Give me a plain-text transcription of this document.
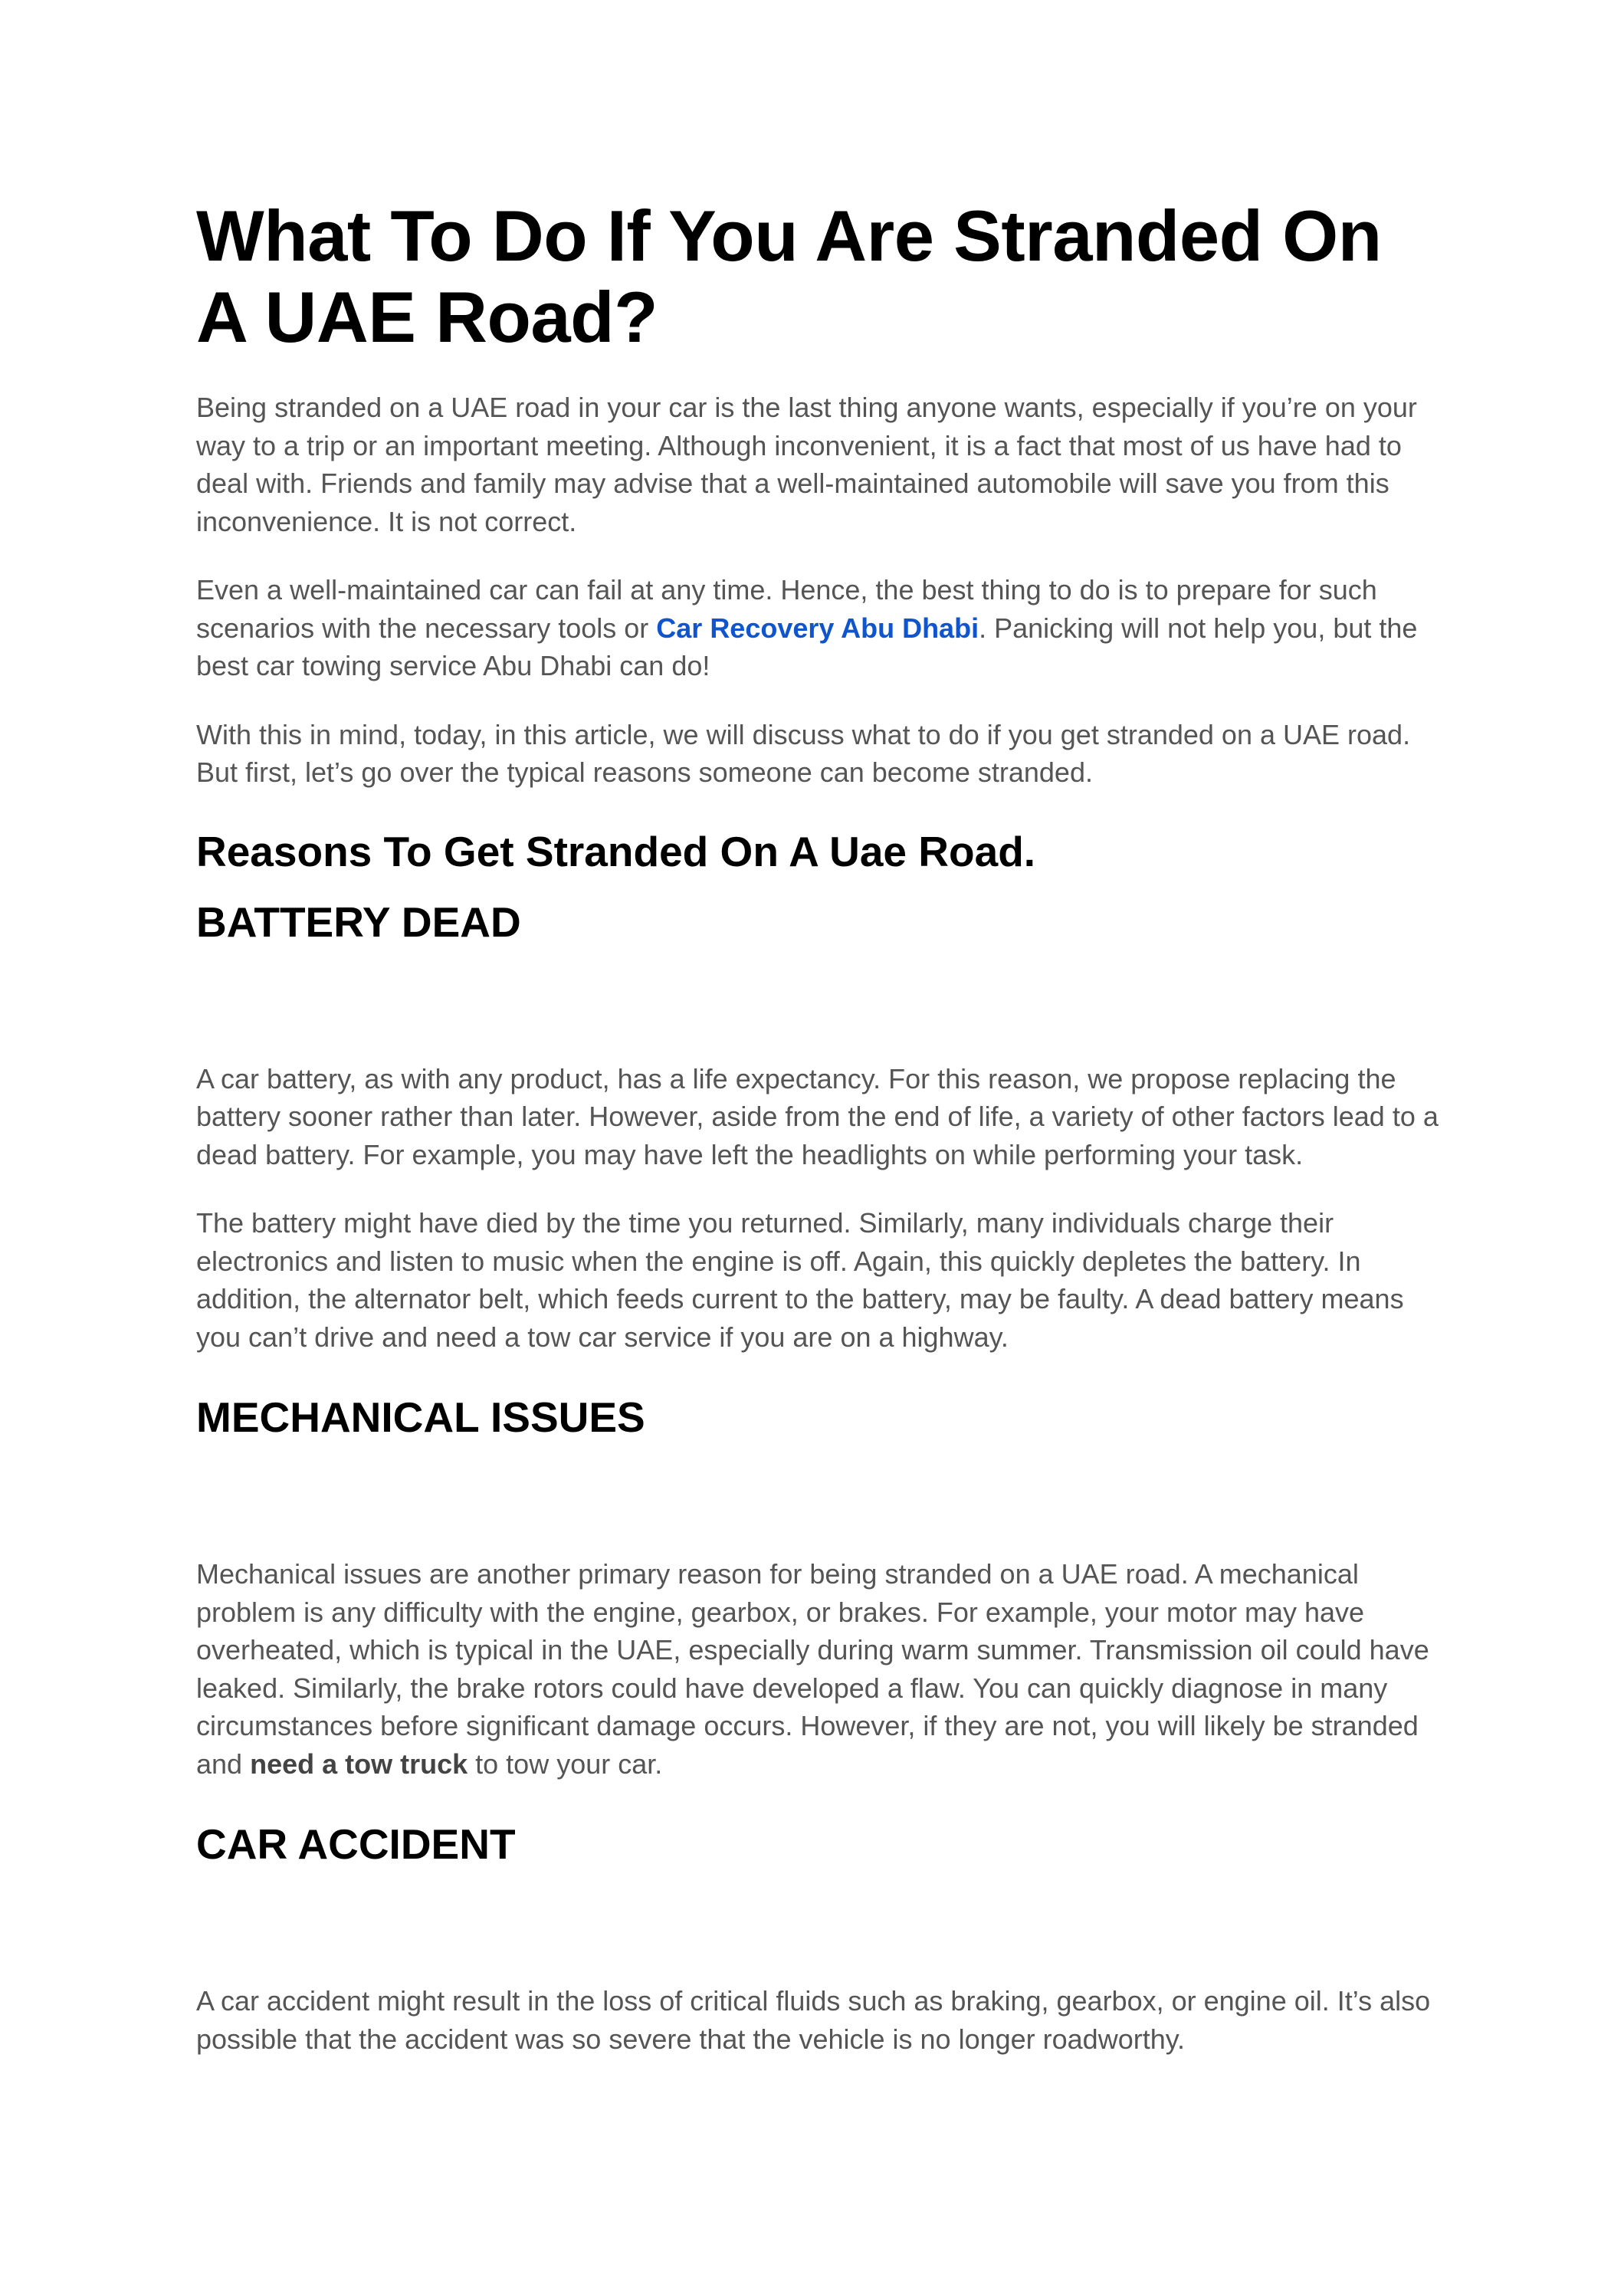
What To Do If You Are Stranded On A UAE Road?

Being stranded on a UAE road in your car is the last thing anyone wants, especially if you’re on your way to a trip or an important meeting. Although inconvenient, it is a fact that most of us have had to deal with. Friends and family may advise that a well-maintained automobile will save you from this inconvenience. It is not correct.

Even a well-maintained car can fail at any time. Hence, the best thing to do is to prepare for such scenarios with the necessary tools or Car Recovery Abu Dhabi. Panicking will not help you, but the best car towing service Abu Dhabi can do!

With this in mind, today, in this article, we will discuss what to do if you get stranded on a UAE road. But first, let’s go over the typical reasons someone can become stranded.

Reasons To Get Stranded On A Uae Road.
BATTERY DEAD

A car battery, as with any product, has a life expectancy. For this reason, we propose replacing the battery sooner rather than later. However, aside from the end of life, a variety of other factors lead to a dead battery. For example, you may have left the headlights on while performing your task.

The battery might have died by the time you returned. Similarly, many individuals charge their electronics and listen to music when the engine is off. Again, this quickly depletes the battery. In addition, the alternator belt, which feeds current to the battery, may be faulty. A dead battery means you can’t drive and need a tow car service if you are on a highway.

MECHANICAL ISSUES

Mechanical issues are another primary reason for being stranded on a UAE road. A mechanical problem is any difficulty with the engine, gearbox, or brakes. For example, your motor may have overheated, which is typical in the UAE, especially during warm summer. Transmission oil could have leaked. Similarly, the brake rotors could have developed a flaw. You can quickly diagnose in many circumstances before significant damage occurs. However, if they are not, you will likely be stranded and need a tow truck to tow your car.

CAR ACCIDENT

A car accident might result in the loss of critical fluids such as braking, gearbox, or engine oil. It’s also possible that the accident was so severe that the vehicle is no longer roadworthy.
